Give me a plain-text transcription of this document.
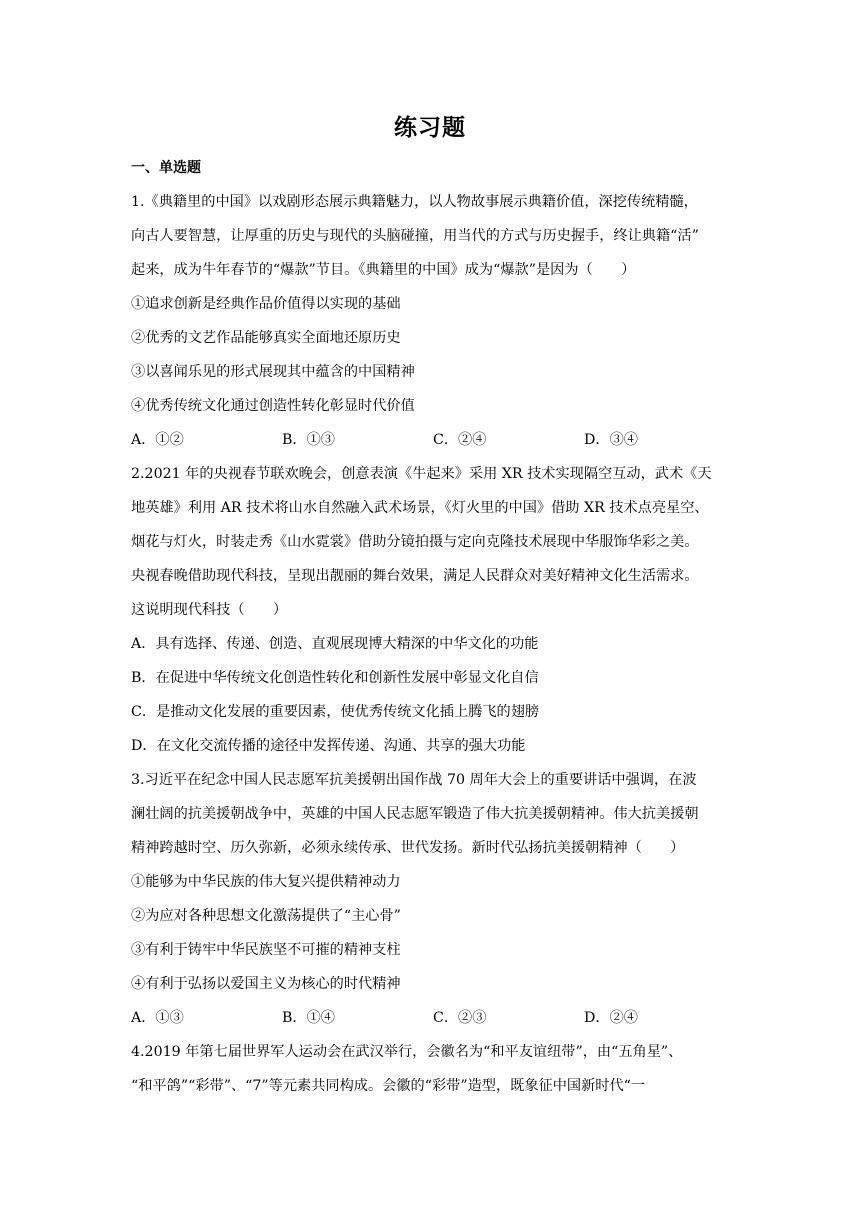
练习题
一、单选题
1.《典籍里的中国》以戏剧形态展示典籍魅力，以人物故事展示典籍价值，深挖传统精髓，
向古人要智慧，让厚重的历史与现代的头脑碰撞，用当代的方式与历史握手，终让典籍“活”
起来，成为牛年春节的“爆款”节目。《典籍里的中国》成为“爆款”是因为（　　）
①追求创新是经典作品价值得以实现的基础
②优秀的文艺作品能够真实全面地还原历史
③以喜闻乐见的形式展现其中蕴含的中国精神
④优秀传统文化通过创造性转化彰显时代价值
A．①②	B．①③	C．②④	D．③④
2.2021 年的央视春节联欢晚会，创意表演《牛起来》采用 XR 技术实现隔空互动，武术《天
地英雄》利用 AR 技术将山水自然融入武术场景，《灯火里的中国》借助 XR 技术点亮星空、
烟花与灯火，时装走秀《山水霓裳》借助分镜拍摄与定向克隆技术展现中华服饰华彩之美。
央视春晚借助现代科技，呈现出靓丽的舞台效果，满足人民群众对美好精神文化生活需求。
这说明现代科技（　　）
A．具有选择、传递、创造、直观展现博大精深的中华文化的功能
B．在促进中华传统文化创造性转化和创新性发展中彰显文化自信
C．是推动文化发展的重要因素，使优秀传统文化插上腾飞的翅膀
D．在文化交流传播的途径中发挥传递、沟通、共享的强大功能
3.习近平在纪念中国人民志愿军抗美援朝出国作战 70 周年大会上的重要讲话中强调，在波
澜壮阔的抗美援朝战争中，英雄的中国人民志愿军锻造了伟大抗美援朝精神。伟大抗美援朝
精神跨越时空、历久弥新，必须永续传承、世代发扬。新时代弘扬抗美援朝精神（　　）
①能够为中华民族的伟大复兴提供精神动力
②为应对各种思想文化激荡提供了“主心骨”
③有利于铸牢中华民族坚不可摧的精神支柱
④有利于弘扬以爱国主义为核心的时代精神
A．①③	B．①④	C．②③	D．②④
4.2019 年第七届世界军人运动会在武汉举行，会徽名为“和平友谊纽带”，由“五角星”、
“和平鸽”“彩带”、“7”等元素共同构成。会徽的“彩带”造型，既象征中国新时代“一
